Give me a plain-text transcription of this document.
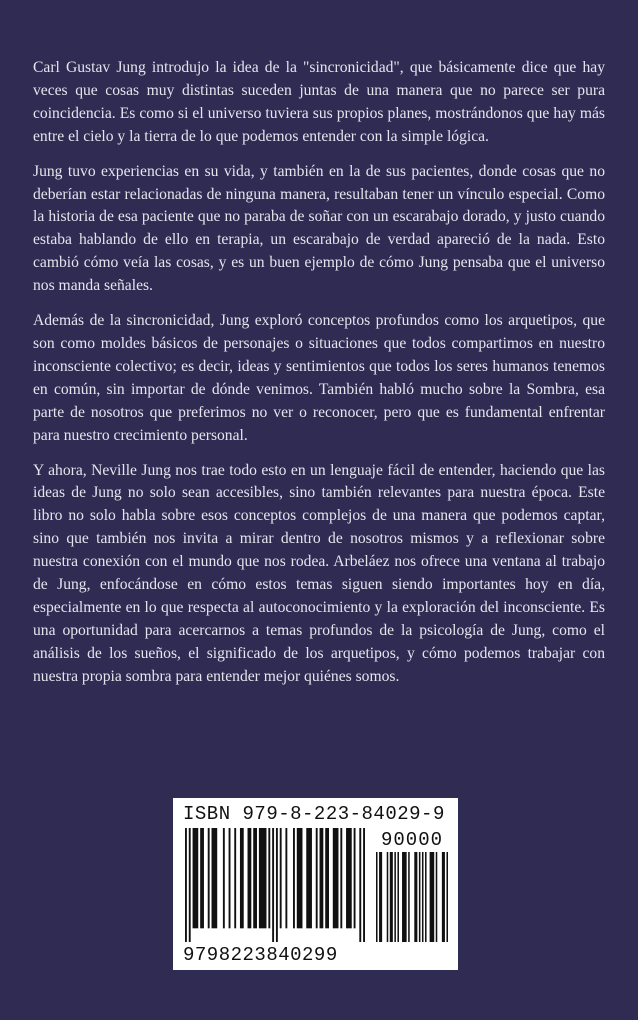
Carl Gustav Jung introdujo la idea de la "sincronicidad", que básicamente dice que hay veces que cosas muy distintas suceden juntas de una manera que no parece ser pura coincidencia. Es como si el universo tuviera sus propios planes, mostrándonos que hay más entre el cielo y la tierra de lo que podemos entender con la simple lógica.

Jung tuvo experiencias en su vida, y también en la de sus pacientes, donde cosas que no deberían estar relacionadas de ninguna manera, resultaban tener un vínculo especial. Como la historia de esa paciente que no paraba de soñar con un escarabajo dorado, y justo cuando estaba hablando de ello en terapia, un escarabajo de verdad apareció de la nada. Esto cambió cómo veía las cosas, y es un buen ejemplo de cómo Jung pensaba que el universo nos manda señales.

Además de la sincronicidad, Jung exploró conceptos profundos como los arquetipos, que son como moldes básicos de personajes o situaciones que todos compartimos en nuestro inconsciente colectivo; es decir, ideas y sentimientos que todos los seres humanos tenemos en común, sin importar de dónde venimos. También habló mucho sobre la Sombra, esa parte de nosotros que preferimos no ver o reconocer, pero que es fundamental enfrentar para nuestro crecimiento personal.

Y ahora, Neville Jung nos trae todo esto en un lenguaje fácil de entender, haciendo que las ideas de Jung no solo sean accesibles, sino también relevantes para nuestra época. Este libro no solo habla sobre esos conceptos complejos de una manera que podemos captar, sino que también nos invita a mirar dentro de nosotros mismos y a reflexionar sobre nuestra conexión con el mundo que nos rodea. Arbeláez nos ofrece una ventana al trabajo de Jung, enfocándose en cómo estos temas siguen siendo importantes hoy en día, especialmente en lo que respecta al autoconocimiento y la exploración del inconsciente. Es una oportunidad para acercarnos a temas profundos de la psicología de Jung, como el análisis de los sueños, el significado de los arquetipos, y cómo podemos trabajar con nuestra propia sombra para entender mejor quiénes somos.

ISBN 979-8-223-84029-9
90000
9798223840299
